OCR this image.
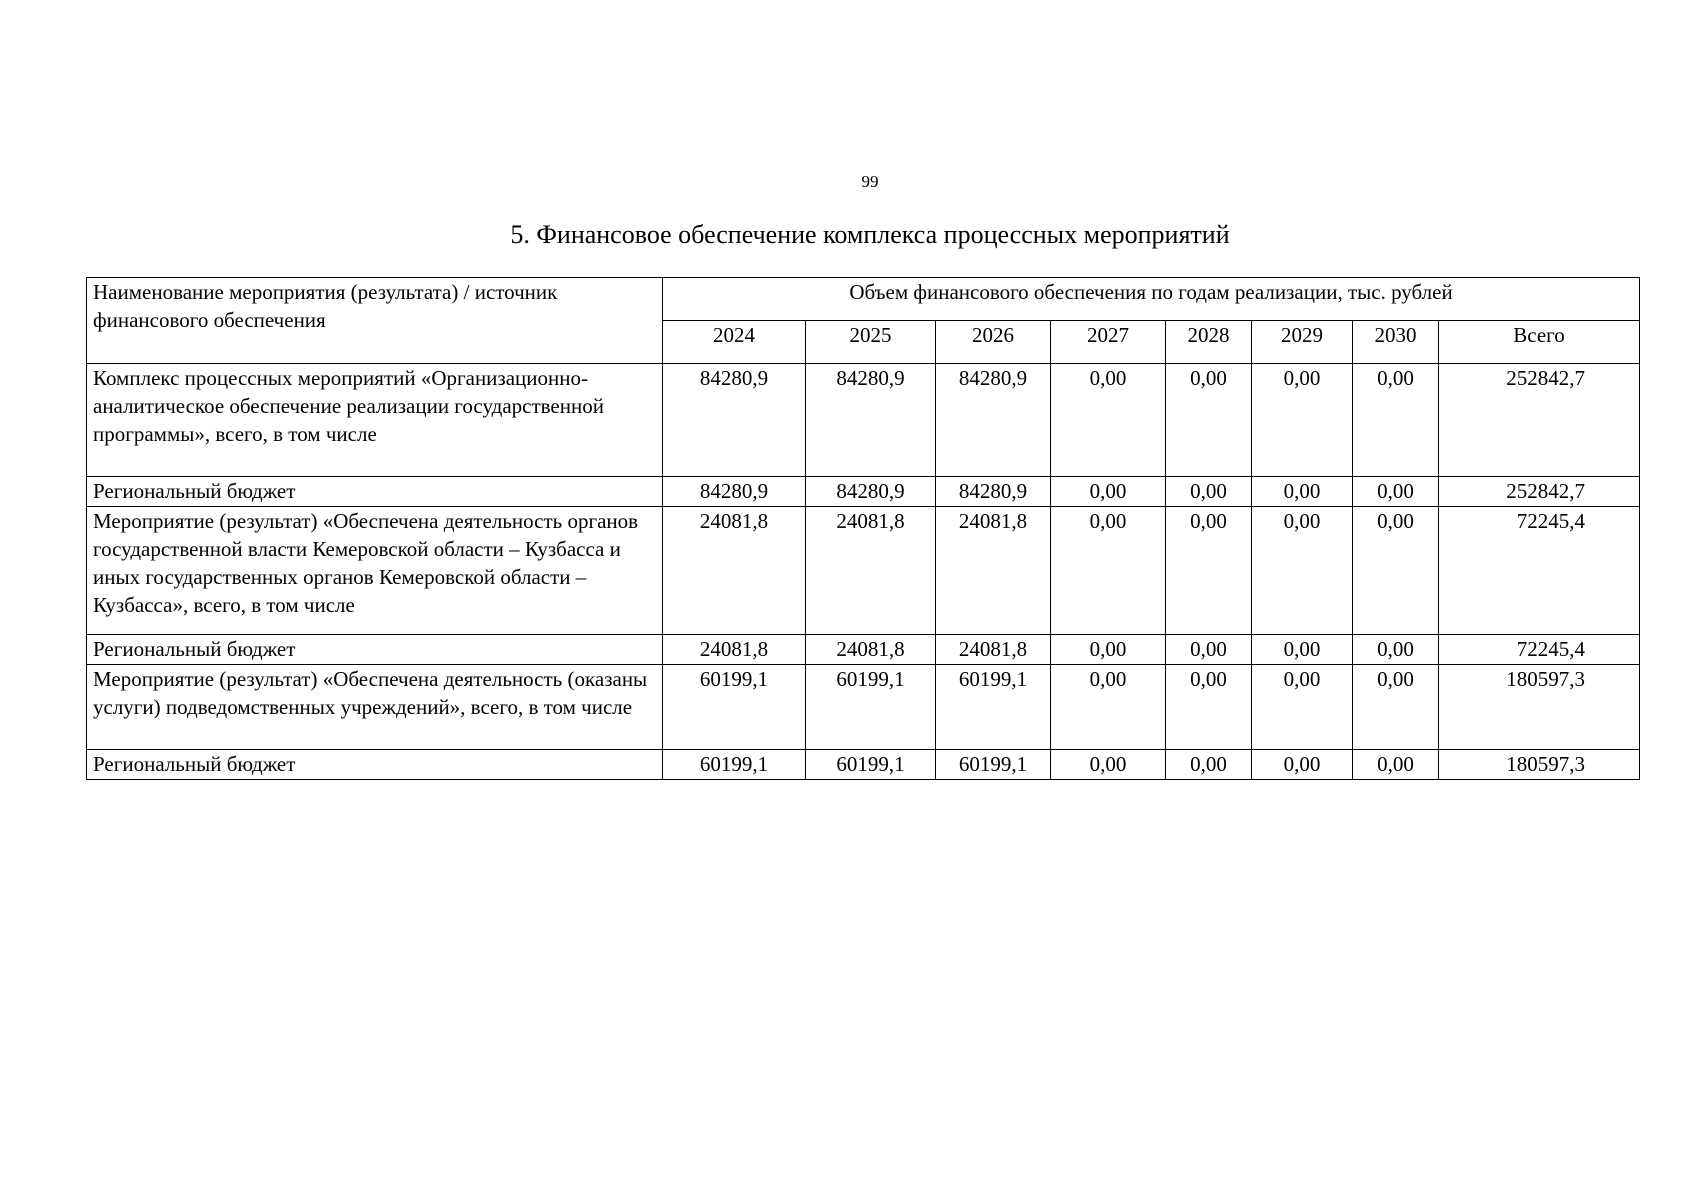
99
5. Финансовое обеспечение комплекса процессных мероприятий
Наименование мероприятия (результата) / источник финансового обеспечения	Объем финансового обеспечения по годам реализации, тыс. рублей							
	2024	2025	2026	2027	2028	2029	2030	Всего
Комплекс процессных мероприятий «Организационно-аналитическое обеспечение реализации государственной программы», всего, в том числе	84280,9	84280,9	84280,9	0,00	0,00	0,00	0,00	252842,7
Региональный бюджет	84280,9	84280,9	84280,9	0,00	0,00	0,00	0,00	252842,7
Мероприятие (результат) «Обеспечена деятельность органов государственной власти Кемеровской области – Кузбасса и иных государственных органов Кемеровской области – Кузбасса», всего, в том числе	24081,8	24081,8	24081,8	0,00	0,00	0,00	0,00	72245,4
Региональный бюджет	24081,8	24081,8	24081,8	0,00	0,00	0,00	0,00	72245,4
Мероприятие (результат) «Обеспечена деятельность (оказаны услуги) подведомственных учреждений», всего, в том числе	60199,1	60199,1	60199,1	0,00	0,00	0,00	0,00	180597,3
Региональный бюджет	60199,1	60199,1	60199,1	0,00	0,00	0,00	0,00	180597,3
